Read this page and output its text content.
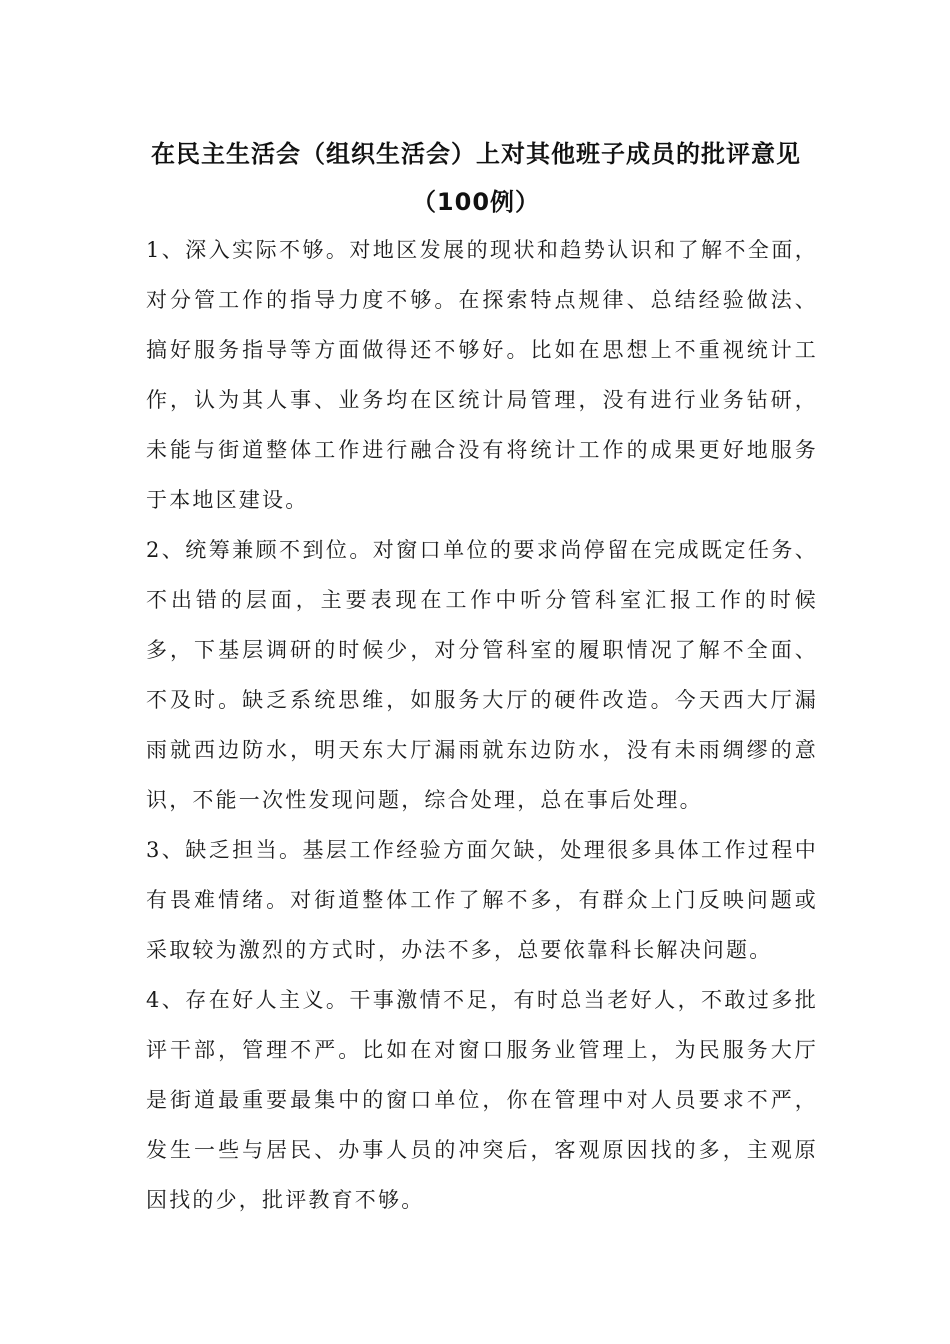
在民主生活会（组织生活会）上对其他班子成员的批评意见（100例）

1、深入实际不够。对地区发展的现状和趋势认识和了解不全面，对分管工作的指导力度不够。在探索特点规律、总结经验做法、搞好服务指导等方面做得还不够好。比如在思想上不重视统计工作，认为其人事、业务均在区统计局管理，没有进行业务钻研，未能与街道整体工作进行融合没有将统计工作的成果更好地服务于本地区建设。

2、统筹兼顾不到位。对窗口单位的要求尚停留在完成既定任务、不出错的层面，主要表现在工作中听分管科室汇报工作的时候多，下基层调研的时候少，对分管科室的履职情况了解不全面、不及时。缺乏系统思维，如服务大厅的硬件改造。今天西大厅漏雨就西边防水，明天东大厅漏雨就东边防水，没有未雨绸缪的意识，不能一次性发现问题，综合处理，总在事后处理。

3、缺乏担当。基层工作经验方面欠缺，处理很多具体工作过程中有畏难情绪。对街道整体工作了解不多，有群众上门反映问题或采取较为激烈的方式时，办法不多，总要依靠科长解决问题。

4、存在好人主义。干事激情不足，有时总当老好人，不敢过多批评干部，管理不严。比如在对窗口服务业管理上，为民服务大厅是街道最重要最集中的窗口单位，你在管理中对人员要求不严，发生一些与居民、办事人员的冲突后，客观原因找的多，主观原因找的少，批评教育不够。
